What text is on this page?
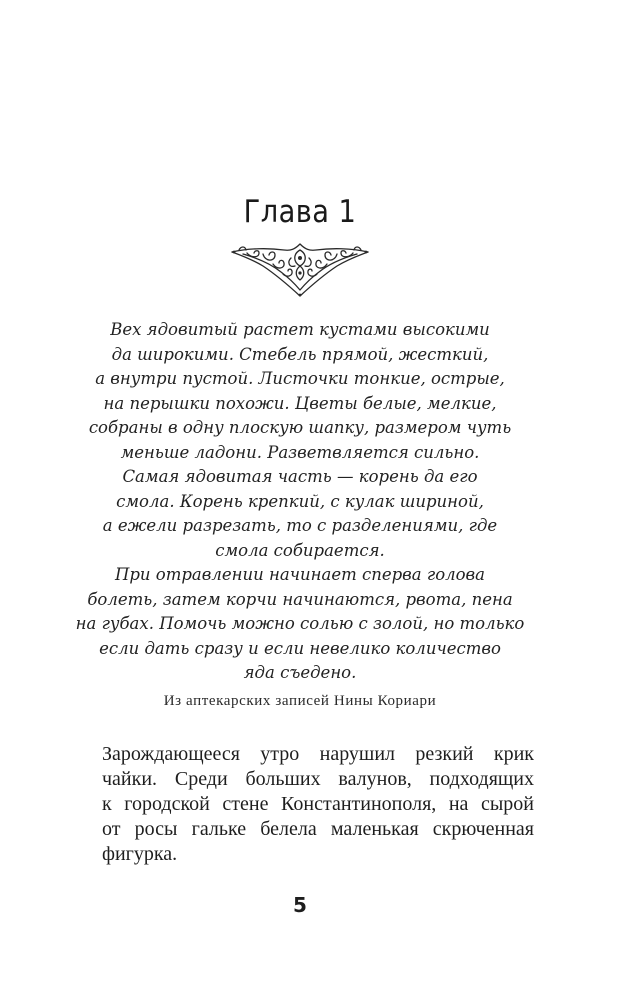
Глава 1
Вех ядовитый растет кустами высокими
да широкими. Стебель прямой, жесткий,
а внутри пустой. Листочки тонкие, острые,
на перышки похожи. Цветы белые, мелкие,
собраны в одну плоскую шапку, размером чуть
меньше ладони. Разветвляется сильно.
Самая ядовитая часть — корень да его
смола. Корень крепкий, с кулак шириной,
а ежели разрезать, то с разделениями, где
смола собирается.
При отравлении начинает сперва голова
болеть, затем корчи начинаются, рвота, пена
на губах. Помочь можно солью с золой, но только
если дать сразу и если невелико количество
яда съедено.
Из аптекарских записей Нины Кориари
Зарождающееся утро нарушил резкий крик
чайки. Среди больших валунов, подходящих
к городской стене Константинополя, на сырой
от росы гальке белела маленькая скрюченная
фигурка.
5
